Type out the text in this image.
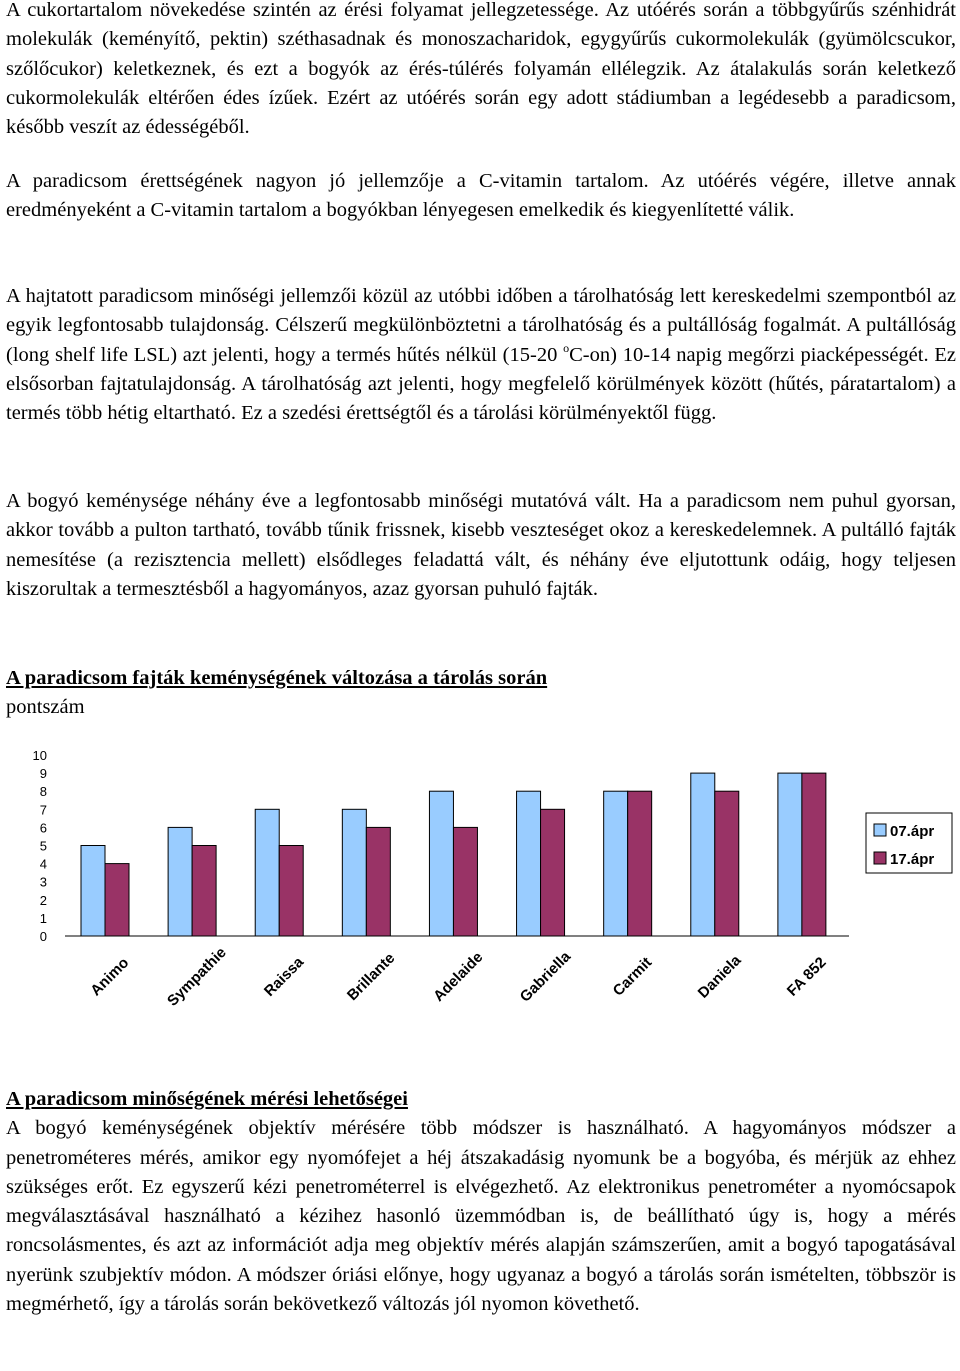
A cukortartalom növekedése szintén az érési folyamat jellegzetessége. Az utóérés során a többgyűrűs szénhidrát molekulák (keményítő, pektin) széthasadnak és monoszacharidok, egygyűrűs cukormolekulák (gyümölcscukor, szőlőcukor) keletkeznek, és ezt a bogyók az érés-túlérés folyamán ellélegzik. Az átalakulás során keletkező cukormolekulák eltérően édes ízűek. Ezért az utóérés során egy adott stádiumban a legédesebb a paradicsom, később veszít az édességéből.

A paradicsom érettségének nagyon jó jellemzője a C-vitamin tartalom. Az utóérés végére, illetve annak eredményeként a C-vitamin tartalom a bogyókban lényegesen emelkedik és kiegyenlítetté válik.

A hajtatott paradicsom minőségi jellemzői közül az utóbbi időben a tárolhatóság lett kereskedelmi szempontból az egyik legfontosabb tulajdonság. Célszerű megkülönböztetni a tárolhatóság és a pultállóság fogalmát. A pultállóság (long shelf life LSL) azt jelenti, hogy a termés hűtés nélkül (15-20 $^o$C-on) 10-14 napig megőrzi piacképességét. Ez elsősorban fajtatulajdonság. A tárolhatóság azt jelenti, hogy megfelelő körülmények között (hűtés, páratartalom) a termés több hétig eltartható. Ez a szedési érettségtől és a tárolási körülményektől függ.

A bogyó keménysége néhány éve a legfontosabb minőségi mutatóvá vált. Ha a paradicsom nem puhul gyorsan, akkor tovább a pulton tartható, tovább tűnik frissnek, kisebb veszteséget okoz a kereskedelemnek. A pultálló fajták nemesítése (a rezisztencia mellett) elsődleges feladattá vált, és néhány éve eljutottunk odáig, hogy teljesen kiszorultak a termesztésből a hagyományos, azaz gyorsan puhuló fajták.

A paradicsom fajták keménységének változása a tárolás során

pontszám

A paradicsom minőségének mérési lehetőségei

A bogyó keménységének objektív mérésére több módszer is használható. A hagyományos módszer a penetrométeres mérés, amikor egy nyomófejet a héj átszakadásig nyomunk be a bogyóba, és mérjük az ehhez szükséges erőt. Ez egyszerű kézi penetrométerrel is elvégezhető. Az elektronikus penetrométer a nyomócsapok megválasztásával használható a kézihez hasonló üzemmódban is, de beállítható úgy is, hogy a mérés roncsolásmentes, és azt az információt adja meg objektív mérés alapján számszerűen, amit a bogyó tapogatásával nyerünk szubjektív módon. A módszer óriási előnye, hogy ugyanaz a bogyó a tárolás során ismételten, többször is megmérhető, így a tárolás során bekövetkező változás jól nyomon követhető.

0
1
2
3
4
5
6
7
8
9
10
Animo Sympathie Raissa Brillante Adelaide Gabriella Carmit	Daniela	FA 852
07.ápr
17.ápr
